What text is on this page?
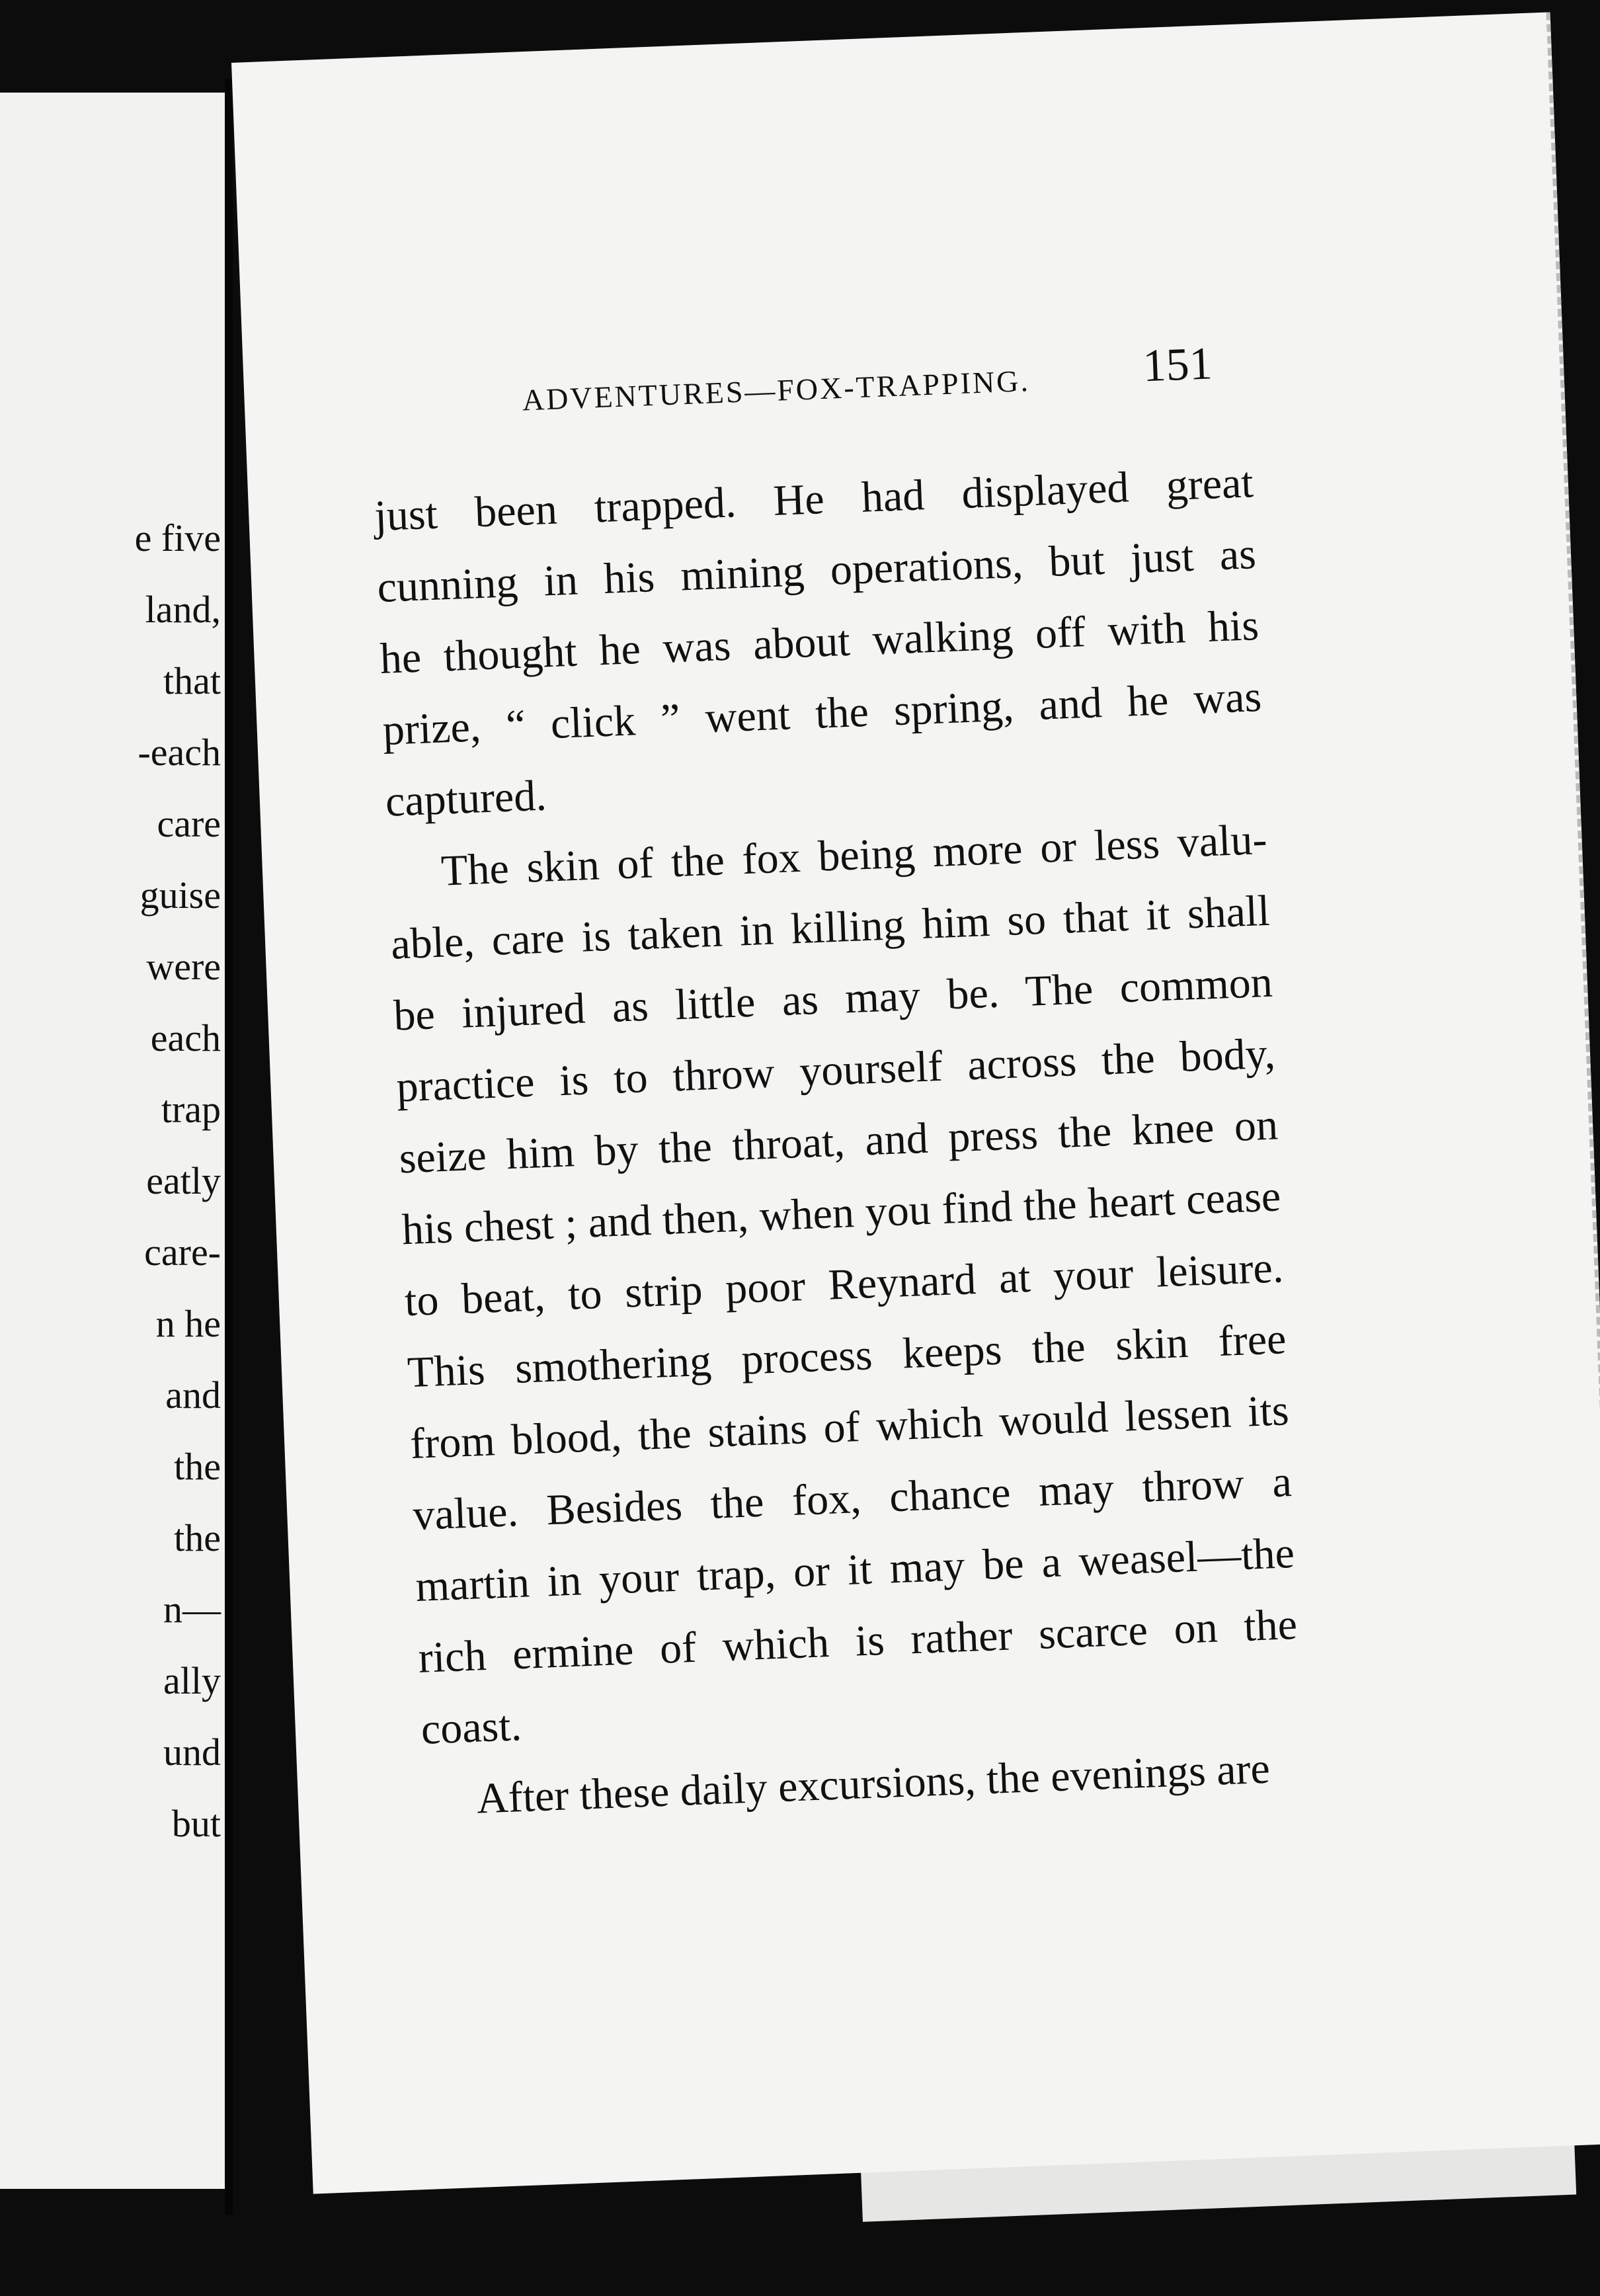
e five
land,
that
-each
care
guise
were
each
trap
eatly
care-
n he
and
the
the
n—
ally
und
but
ADVENTURES—FOX-TRAPPING. 151
just been trapped. He had displayed great
cunning in his mining operations, but just as
he thought he was about walking off with his
prize, “ click ” went the spring, and he was
captured.
The skin of the fox being more or less valu-
able, care is taken in killing him so that it shall
be injured as little as may be. The common
practice is to throw yourself across the body,
seize him by the throat, and press the knee on
his chest ; and then, when you find the heart cease
to beat, to strip poor Reynard at your leisure.
This smothering process keeps the skin free
from blood, the stains of which would lessen its
value. Besides the fox, chance may throw a
martin in your trap, or it may be a weasel—the
rich ermine of which is rather scarce on the
coast.
After these daily excursions, the evenings are
